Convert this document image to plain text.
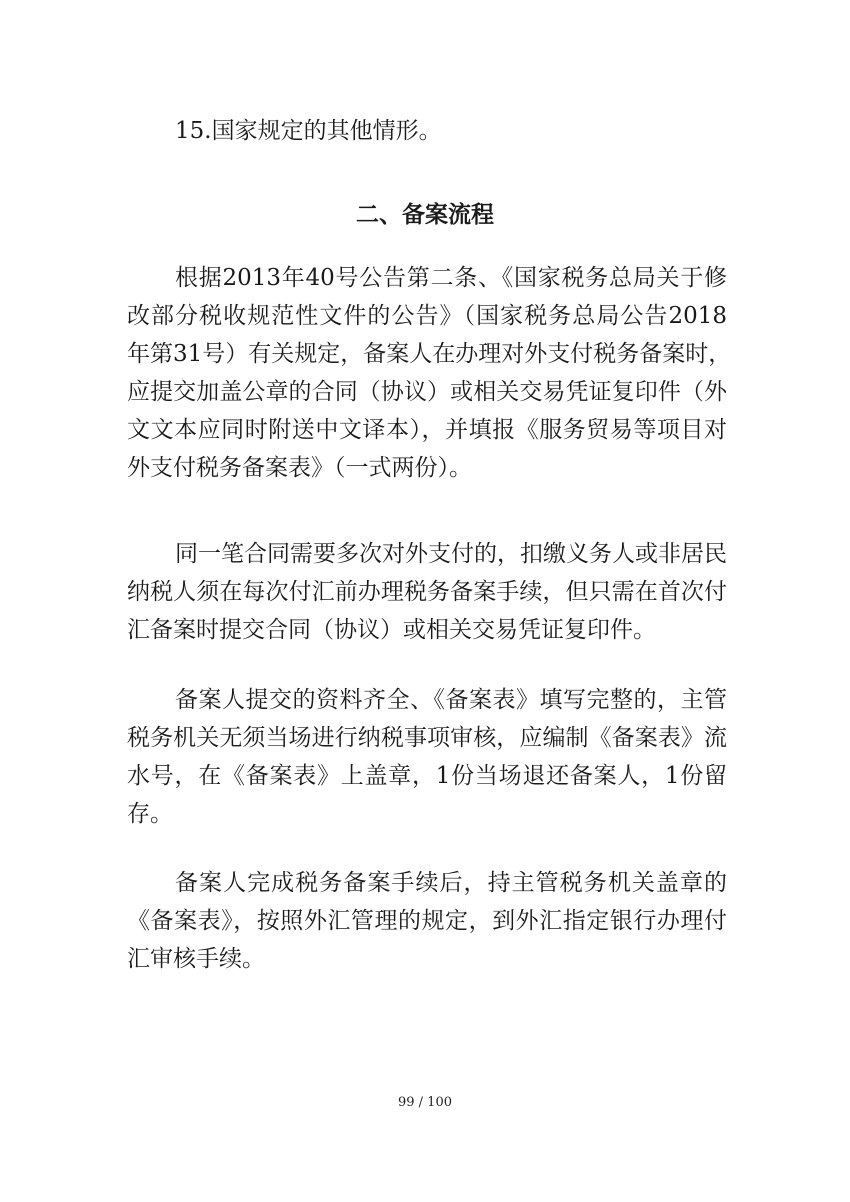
15.国家规定的其他情形。

二、备案流程
根据2013年40号公告第二条、《国家税务总局关于修
改部分税收规范性文件的公告》（国家税务总局公告2018
年第31号）有关规定，备案人在办理对外支付税务备案时，
应提交加盖公章的合同（协议）或相关交易凭证复印件（外
文文本应同时附送中文译本），并填报《服务贸易等项目对
外支付税务备案表》（一式两份）。
同一笔合同需要多次对外支付的，扣缴义务人或非居民
纳税人须在每次付汇前办理税务备案手续，但只需在首次付
汇备案时提交合同（协议）或相关交易凭证复印件。
备案人提交的资料齐全、《备案表》填写完整的，主管
税务机关无须当场进行纳税事项审核，应编制《备案表》流
水号，在《备案表》上盖章，1份当场退还备案人，1份留
存。
备案人完成税务备案手续后，持主管税务机关盖章的
《备案表》，按照外汇管理的规定，到外汇指定银行办理付
汇审核手续。
99 / 100
